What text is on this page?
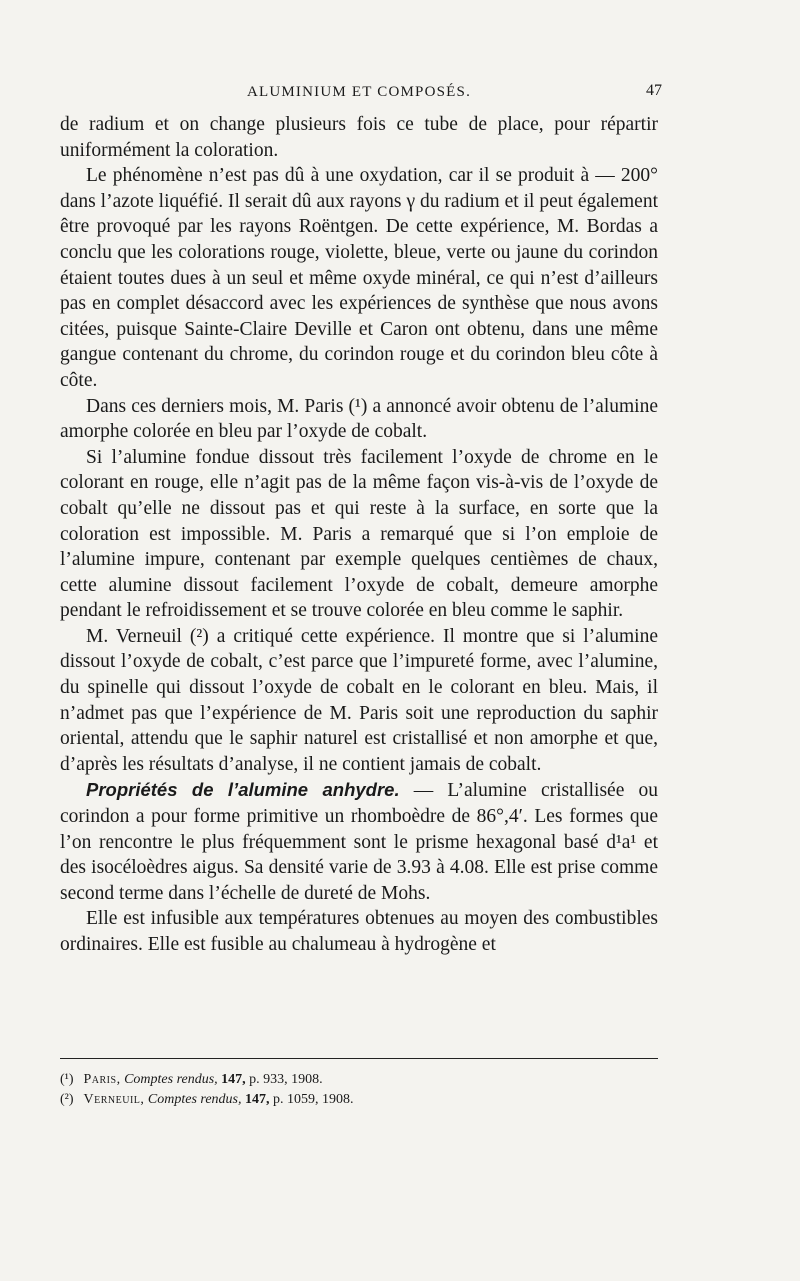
ALUMINIUM ET COMPOSÉS.	47

de radium et on change plusieurs fois ce tube de place, pour répartir uniformément la coloration.

Le phénomène n’est pas dû à une oxydation, car il se produit à — 200° dans l’azote liquéfié. Il serait dû aux rayons γ du radium et il peut également être provoqué par les rayons Roëntgen. De cette expérience, M. Bordas a conclu que les colorations rouge, violette, bleue, verte ou jaune du corindon étaient toutes dues à un seul et même oxyde minéral, ce qui n’est d’ailleurs pas en complet désaccord avec les expériences de synthèse que nous avons citées, puisque Sainte-Claire Deville et Caron ont obtenu, dans une même gangue contenant du chrome, du corindon rouge et du corindon bleu côte à côte.

Dans ces derniers mois, M. Paris (¹) a annoncé avoir obtenu de l’alumine amorphe colorée en bleu par l’oxyde de cobalt.

Si l’alumine fondue dissout très facilement l’oxyde de chrome en le colorant en rouge, elle n’agit pas de la même façon vis-à-vis de l’oxyde de cobalt qu’elle ne dissout pas et qui reste à la surface, en sorte que la coloration est impossible. M. Paris a remarqué que si l’on emploie de l’alumine impure, contenant par exemple quelques centièmes de chaux, cette alumine dissout facilement l’oxyde de cobalt, demeure amorphe pendant le refroidissement et se trouve colorée en bleu comme le saphir.

M. Verneuil (²) a critiqué cette expérience. Il montre que si l’alumine dissout l’oxyde de cobalt, c’est parce que l’impureté forme, avec l’alumine, du spinelle qui dissout l’oxyde de cobalt en le colorant en bleu. Mais, il n’admet pas que l’expérience de M. Paris soit une reproduction du saphir oriental, attendu que le saphir naturel est cristallisé et non amorphe et que, d’après les résultats d’analyse, il ne contient jamais de cobalt.

Propriétés de l’alumine anhydre. — L’alumine cristallisée ou corindon a pour forme primitive un rhomboèdre de 86°,4′. Les formes que l’on rencontre le plus fréquemment sont le prisme hexagonal basé d¹a¹ et des isocéloèdres aigus. Sa densité varie de 3.93 à 4.08. Elle est prise comme second terme dans l’échelle de dureté de Mohs.

Elle est infusible aux températures obtenues au moyen des combustibles ordinaires. Elle est fusible au chalumeau à hydrogène et

(¹) Paris, Comptes rendus, 147, p. 933, 1908.

(²) Verneuil, Comptes rendus, 147, p. 1059, 1908.
